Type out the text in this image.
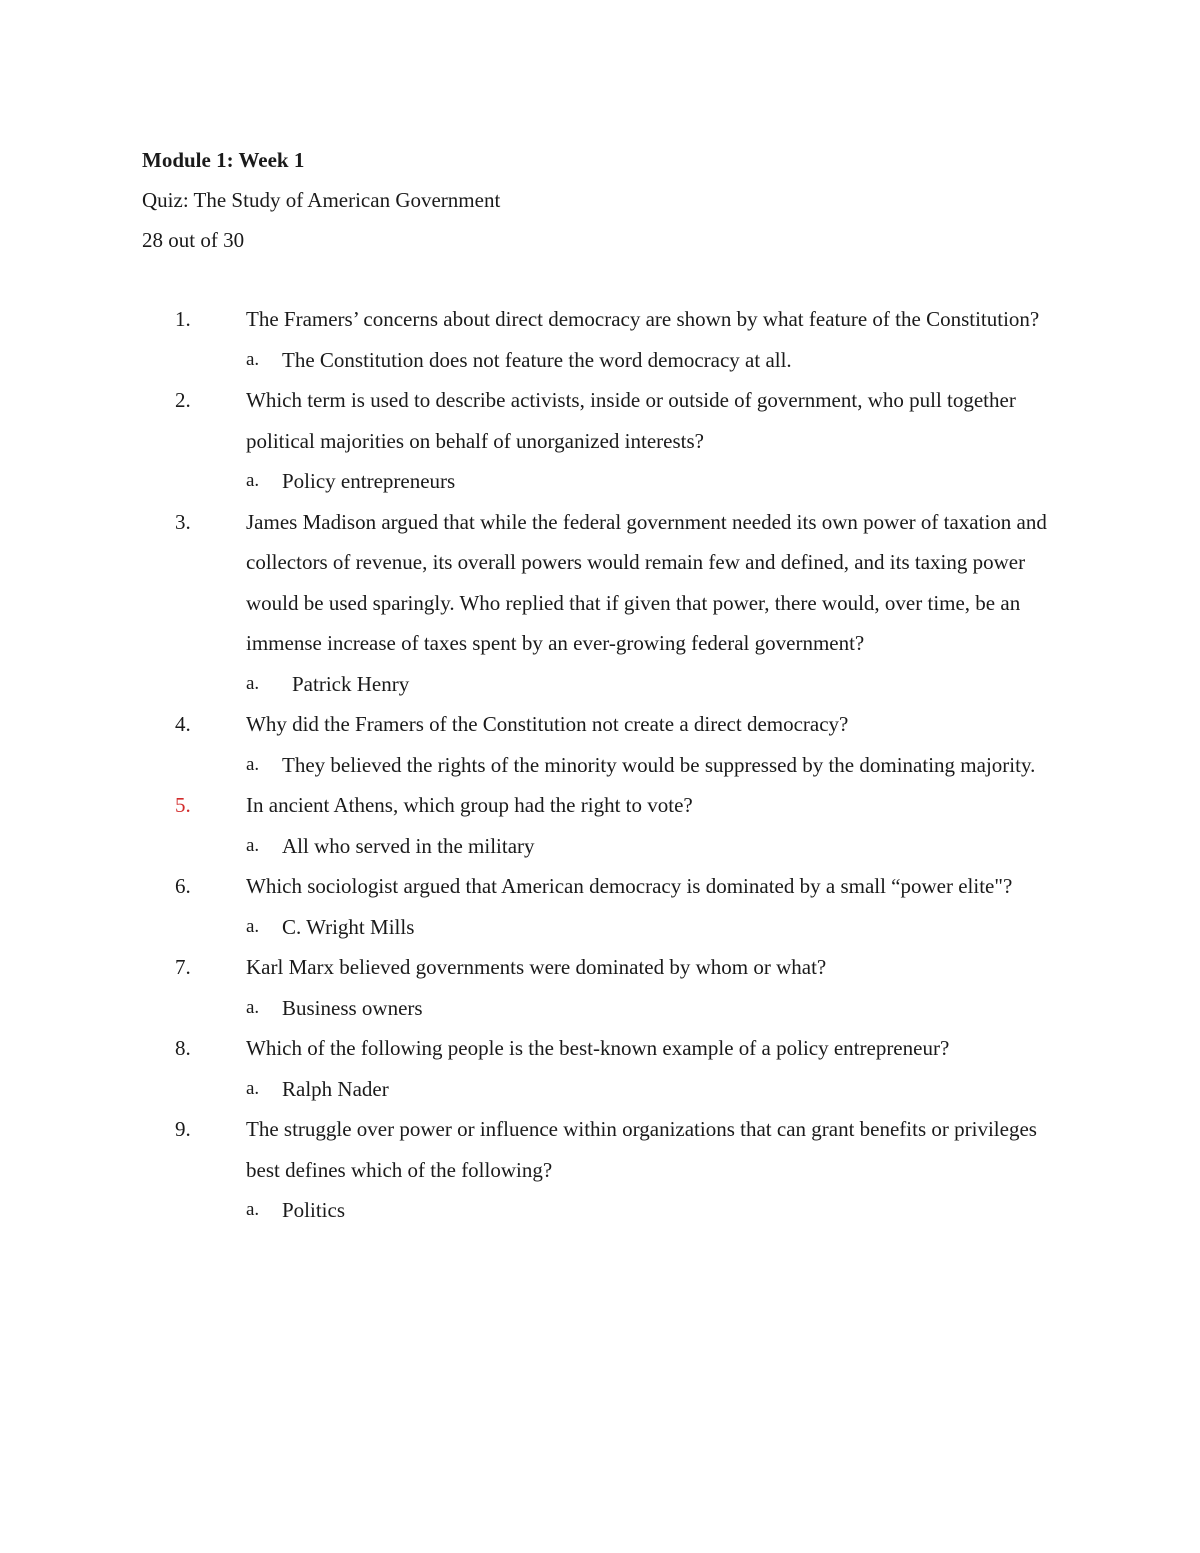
Module 1: Week 1

Quiz: The Study of American Government

28 out of 30

1.	The Framers’ concerns about direct democracy are shown by what feature of the Constitution?
a. The Constitution does not feature the word democracy at all.
2.	Which term is used to describe activists, inside or outside of government, who pull together political majorities on behalf of unorganized interests?
a. Policy entrepreneurs
3.	James Madison argued that while the federal government needed its own power of taxation and collectors of revenue, its overall powers would remain few and defined, and its taxing power would be used sparingly. Who replied that if given that power, there would, over time, be an immense increase of taxes spent by an ever-growing federal government?
a.	Patrick Henry
4.	Why did the Framers of the Constitution not create a direct democracy?
a. They believed the rights of the minority would be suppressed by the dominating majority.
5.	In ancient Athens, which group had the right to vote?
a. All who served in the military
6.	Which sociologist argued that American democracy is dominated by a small “power elite"?
a. C. Wright Mills
7.	Karl Marx believed governments were dominated by whom or what?
a. Business owners
8.	Which of the following people is the best-known example of a policy entrepreneur?
a. Ralph Nader
9.	The struggle over power or influence within organizations that can grant benefits or privileges best defines which of the following?
a. Politics
